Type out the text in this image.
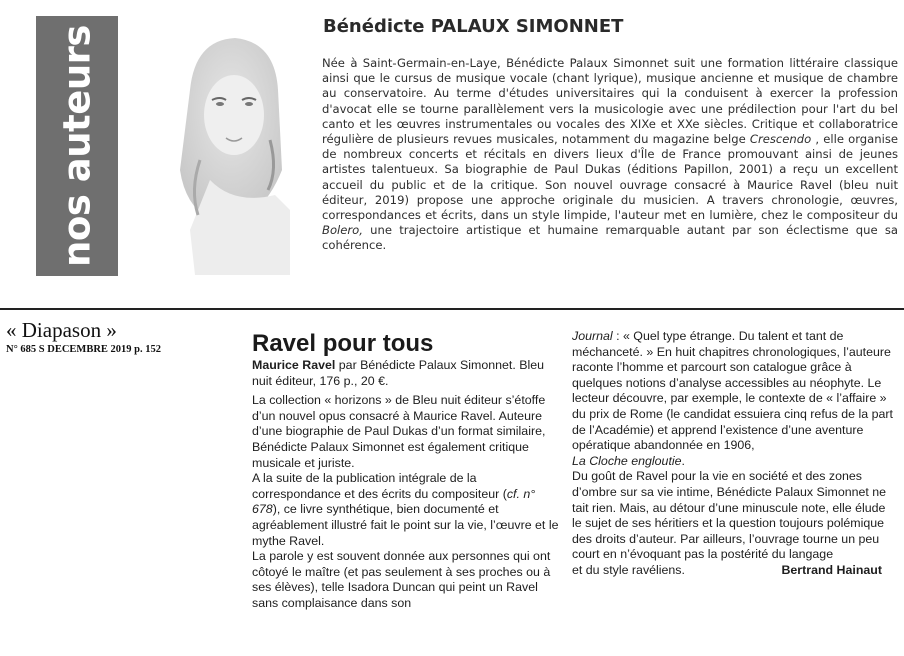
nos auteurs	Bénédicte PALAUX SIMONNET
Née à Saint-Germain-en-Laye, Bénédicte Palaux Simonnet suit une formation littéraire classique ainsi que le cursus de musique vocale (chant lyrique), musique ancienne et musique de chambre au conservatoire. Au terme d'études universitaires qui la conduisent à exercer la profession d'avocat elle se tourne parallèlement vers la musicologie avec une prédilection pour l'art du bel canto et les œuvres instrumentales ou vocales des XIXe et XXe siècles. Critique et collaboratrice régulière de plusieurs revues musicales, notamment du magazine belge Crescendo , elle organise de nombreux concerts et récitals en divers lieux d'Île de France promouvant ainsi de jeunes artistes talentueux. Sa biographie de Paul Dukas (éditions Papillon, 2001) a reçu un excellent accueil du public et de la critique. Son nouvel ouvrage consacré à Maurice Ravel (bleu nuit éditeur, 2019) propose une approche originale du musicien. A travers chronologie, œuvres, correspondances et écrits, dans un style limpide, l'auteur met en lumière, chez le compositeur du Bolero, une trajectoire artistique et humaine remarquable autant par son éclectisme que sa cohérence.
« Diapason »
N° 685 S DECEMBRE 2019 p. 152	Ravel pour tous

Maurice Ravel par Bénédicte Palaux Simonnet. Bleu nuit éditeur, 176 p., 20 €.

La collection « horizons » de Bleu nuit éditeur s’étoffe d’un nouvel opus consacré à Maurice Ravel. Auteure d’une biographie de Paul Dukas d’un format similaire, Bénédicte Palaux Simonnet est également critique musicale et juriste.

A la suite de la publication intégrale de la correspondance et des écrits du compositeur (cf. n° 678), ce livre synthétique, bien documenté et agréablement illustré fait le point sur la vie, l’œuvre et le mythe Ravel.

La parole y est souvent donnée aux personnes qui ont côtoyé le maître (et pas seulement à ses proches ou à ses élèves), telle Isadora Duncan qui peint un Ravel sans complaisance dans son

Journal : « Quel type étrange. Du talent et tant de méchanceté. » En huit chapitres chronologiques, l’auteure raconte l’homme et parcourt son catalogue grâce à quelques notions d’analyse accessibles au néophyte. Le lecteur découvre, par exemple, le contexte de « l’affaire » du prix de Rome (le candidat essuiera cinq refus de la part de l’Académie) et apprend l’existence d’une aventure opératique abandonnée en 1906,
La Cloche engloutie.

Du goût de Ravel pour la vie en société et des zones d’ombre sur sa vie intime, Bénédicte Palaux Simonnet ne tait rien. Mais, au détour d’une minuscule note, elle élude le sujet de ses héritiers et la question toujours polémique des droits d’auteur. Par ailleurs, l’ouvrage tourne un peu court en n’évoquant pas la postérité du langage

et du style ravéliens.	Bertrand Hainaut
